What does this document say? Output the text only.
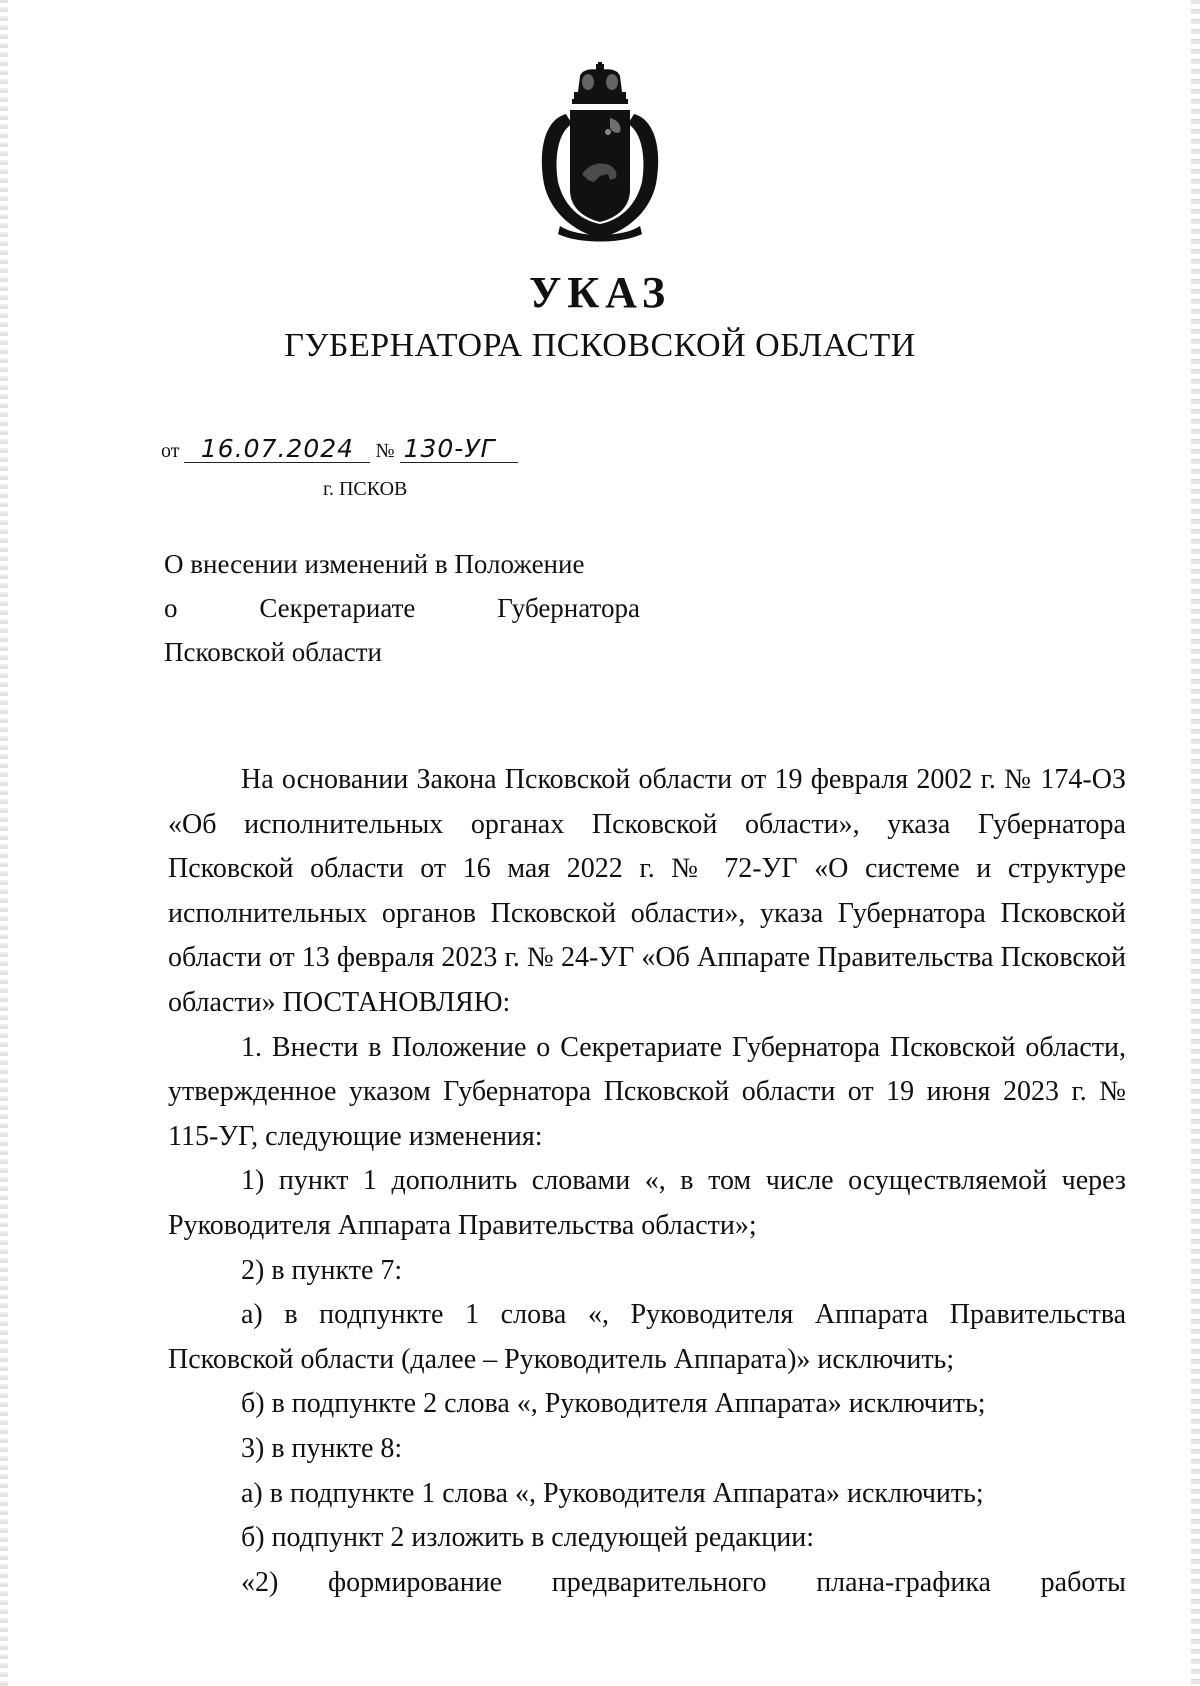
УКАЗ
ГУБЕРНАТОРА ПСКОВСКОЙ ОБЛАСТИ
от 16.07.2024 № 130-УГ
г. ПСКОВ
О внесении изменений в Положение
о	Секретариате	Губернатора
Псковской области

На основании Закона Псковской области от 19 февраля 2002 г. № 174-ОЗ «Об исполнительных органах Псковской области», указа Губернатора Псковской области от 16 мая 2022 г. № 72-УГ «О системе и структуре исполнительных органов Псковской области», указа Губернатора Псковской области от 13 февраля 2023 г. № 24-УГ «Об Аппарате Правительства Псковской области» ПОСТАНОВЛЯЮ:

1. Внести в Положение о Секретариате Губернатора Псковской области, утвержденное указом Губернатора Псковской области от 19 июня 2023 г. № 115-УГ, следующие изменения:

1) пункт 1 дополнить словами «, в том числе осуществляемой через Руководителя Аппарата Правительства области»;

2) в пункте 7:

а) в подпункте 1 слова «, Руководителя Аппарата Правительства Псковской области (далее – Руководитель Аппарата)» исключить;

б) в подпункте 2 слова «, Руководителя Аппарата» исключить;

3) в пункте 8:

а) в подпункте 1 слова «, Руководителя Аппарата» исключить;

б) подпункт 2 изложить в следующей редакции:

«2) формирование предварительного плана-графика работы
